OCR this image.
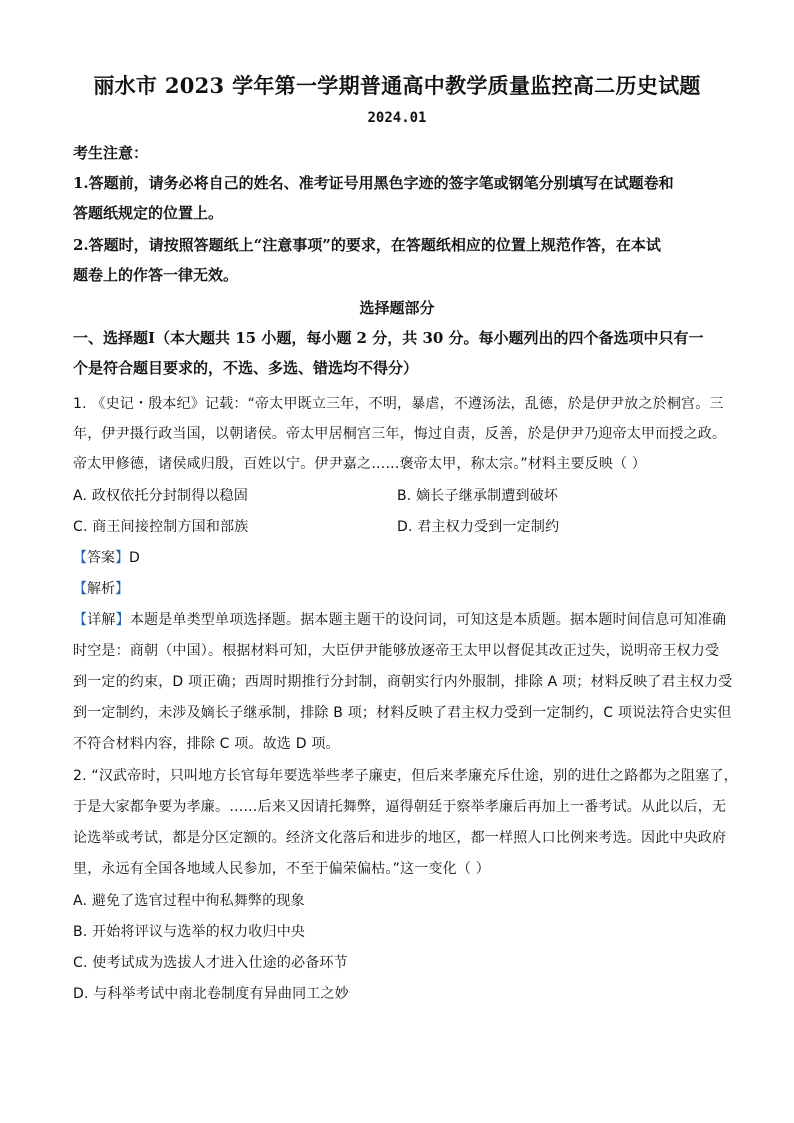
丽水市 2023 学年第一学期普通高中教学质量监控高二历史试题
2024.01
考生注意：
1.答题前，请务必将自己的姓名、准考证号用黑色字迹的签字笔或钢笔分别填写在试题卷和
答题纸规定的位置上。
2.答题时，请按照答题纸上“注意事项”的要求，在答题纸相应的位置上规范作答，在本试
题卷上的作答一律无效。
选择题部分
一、选择题Ⅰ（本大题共 15 小题，每小题 2 分，共 30 分。每小题列出的四个备选项中只有一
个是符合题目要求的，不选、多选、错选均不得分）
1. 《史记・殷本纪》记载：“帝太甲既立三年，不明，暴虐，不遵汤法，乱德，於是伊尹放之於桐宫。三
年，伊尹摄行政当国，以朝诸侯。帝太甲居桐宫三年，悔过自责，反善，於是伊尹乃迎帝太甲而授之政。
帝太甲修德，诸侯咸归殷，百姓以宁。伊尹嘉之……褒帝太甲，称太宗。”材料主要反映（ ）
A. 政权依托分封制得以稳固	B. 嫡长子继承制遭到破坏
C. 商王间接控制方国和部族	D. 君主权力受到一定制约
【答案】D
【解析】
【详解】本题是单类型单项选择题。据本题主题干的设问词，可知这是本质题。据本题时间信息可知准确
时空是：商朝（中国）。根据材料可知，大臣伊尹能够放逐帝王太甲以督促其改正过失，说明帝王权力受
到一定的约束，D 项正确；西周时期推行分封制，商朝实行内外服制，排除 A 项；材料反映了君主权力受
到一定制约，未涉及嫡长子继承制，排除 B 项；材料反映了君主权力受到一定制约，C 项说法符合史实但
不符合材料内容，排除 C 项。故选 D 项。
2. “汉武帝时，只叫地方长官每年要选举些孝子廉吏，但后来孝廉充斥仕途，别的进仕之路都为之阻塞了，
于是大家都争要为孝廉。……后来又因请托舞弊，逼得朝廷于察举孝廉后再加上一番考试。从此以后，无
论选举或考试，都是分区定额的。经济文化落后和进步的地区，都一样照人口比例来考选。因此中央政府
里，永远有全国各地域人民参加，不至于偏荣偏枯。”这一变化（ ）
A. 避免了选官过程中徇私舞弊的现象
B. 开始将评议与选举的权力收归中央
C. 使考试成为选拔人才进入仕途的必备环节
D. 与科举考试中南北卷制度有异曲同工之妙
